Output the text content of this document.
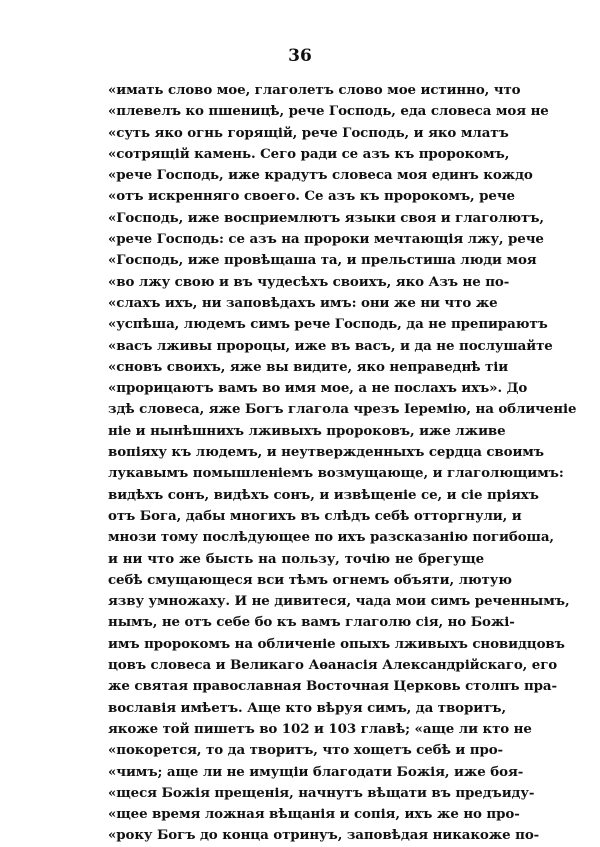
36
«имать слово мое, глаголетъ слово мое истинно, что
«плевелъ ко пшеницѣ, рече Господь, еда словеса моя не
«суть яко огнь горящій, рече Господь, и яко млатъ
«сотрящій камень. Сего ради се азъ къ пророкомъ,
«рече Господь, иже крадутъ словеса моя единъ кождо
«отъ искренняго своего. Се азъ къ пророкомъ, рече
«Господь, иже восприемлютъ языки своя и глаголютъ,
«рече Господь: се азъ на пророки мечтающія лжу, рече
«Господь, иже провѣщаша та, и прельстиша люди моя
«во лжу свою и въ чудесѣхъ своихъ, яко Азъ не по-
«слахъ ихъ, ни заповѣдахъ имъ: они же ни что же
«успѣша, людемъ симъ рече Господь, да не препираютъ
«васъ лживы пророцы, иже въ васъ, и да не послушайте
«сновъ своихъ, яже вы видите, яко неправеднѣ тіи
«прорицаютъ вамъ во имя мое, а не послахъ ихъ». До
здѣ словеса, яже Богъ глагола чрезъ Іеремію, на обличеніе
ніе и нынѣшнихъ лживыхъ пророковъ, иже лживе
вопіяху къ людемъ, и неутвержденныхъ сердца своимъ
лукавымъ помышленіемъ возмущающе, и глаголющимъ:
видѣхъ сонъ, видѣхъ сонъ, и извѣщеніе се, и сіе пріяхъ
отъ Бога, дабы многихъ въ слѣдъ себѣ отторгнули, и
мнози тому послѣдующее по ихъ разсказанію погибоша,
и ни что же бысть на пользу, точію не брегуще
себѣ смущающеся вси тѣмъ огнемъ объяти, лютую
язву умножаху. И не дивитеся, чада мои симъ реченнымъ,
нымъ, не отъ себе бо къ вамъ глаголю сія, но Божі-
имъ пророкомъ на обличеніе опыхъ лживыхъ сновидцовъ
цовъ словеса и Великаго Аѳанасія Александрійскаго, его
же святая православная Восточная Церковь столпъ пра-
вославія имѣетъ. Аще кто вѣруя симъ, да творитъ,
якоже той пишетъ во 102 и 103 главѣ; «аще ли кто не
«покорется, то да творитъ, что хощетъ себѣ и про-
«чимъ; аще ли не имущіи благодати Божія, иже боя-
«щеся Божія прещенія, начнутъ вѣщати въ предъиду-
«щее время ложная вѣщанія и сопія, ихъ же но про-
«року Богъ до конца отринуъ, заповѣдая никакоже по-
